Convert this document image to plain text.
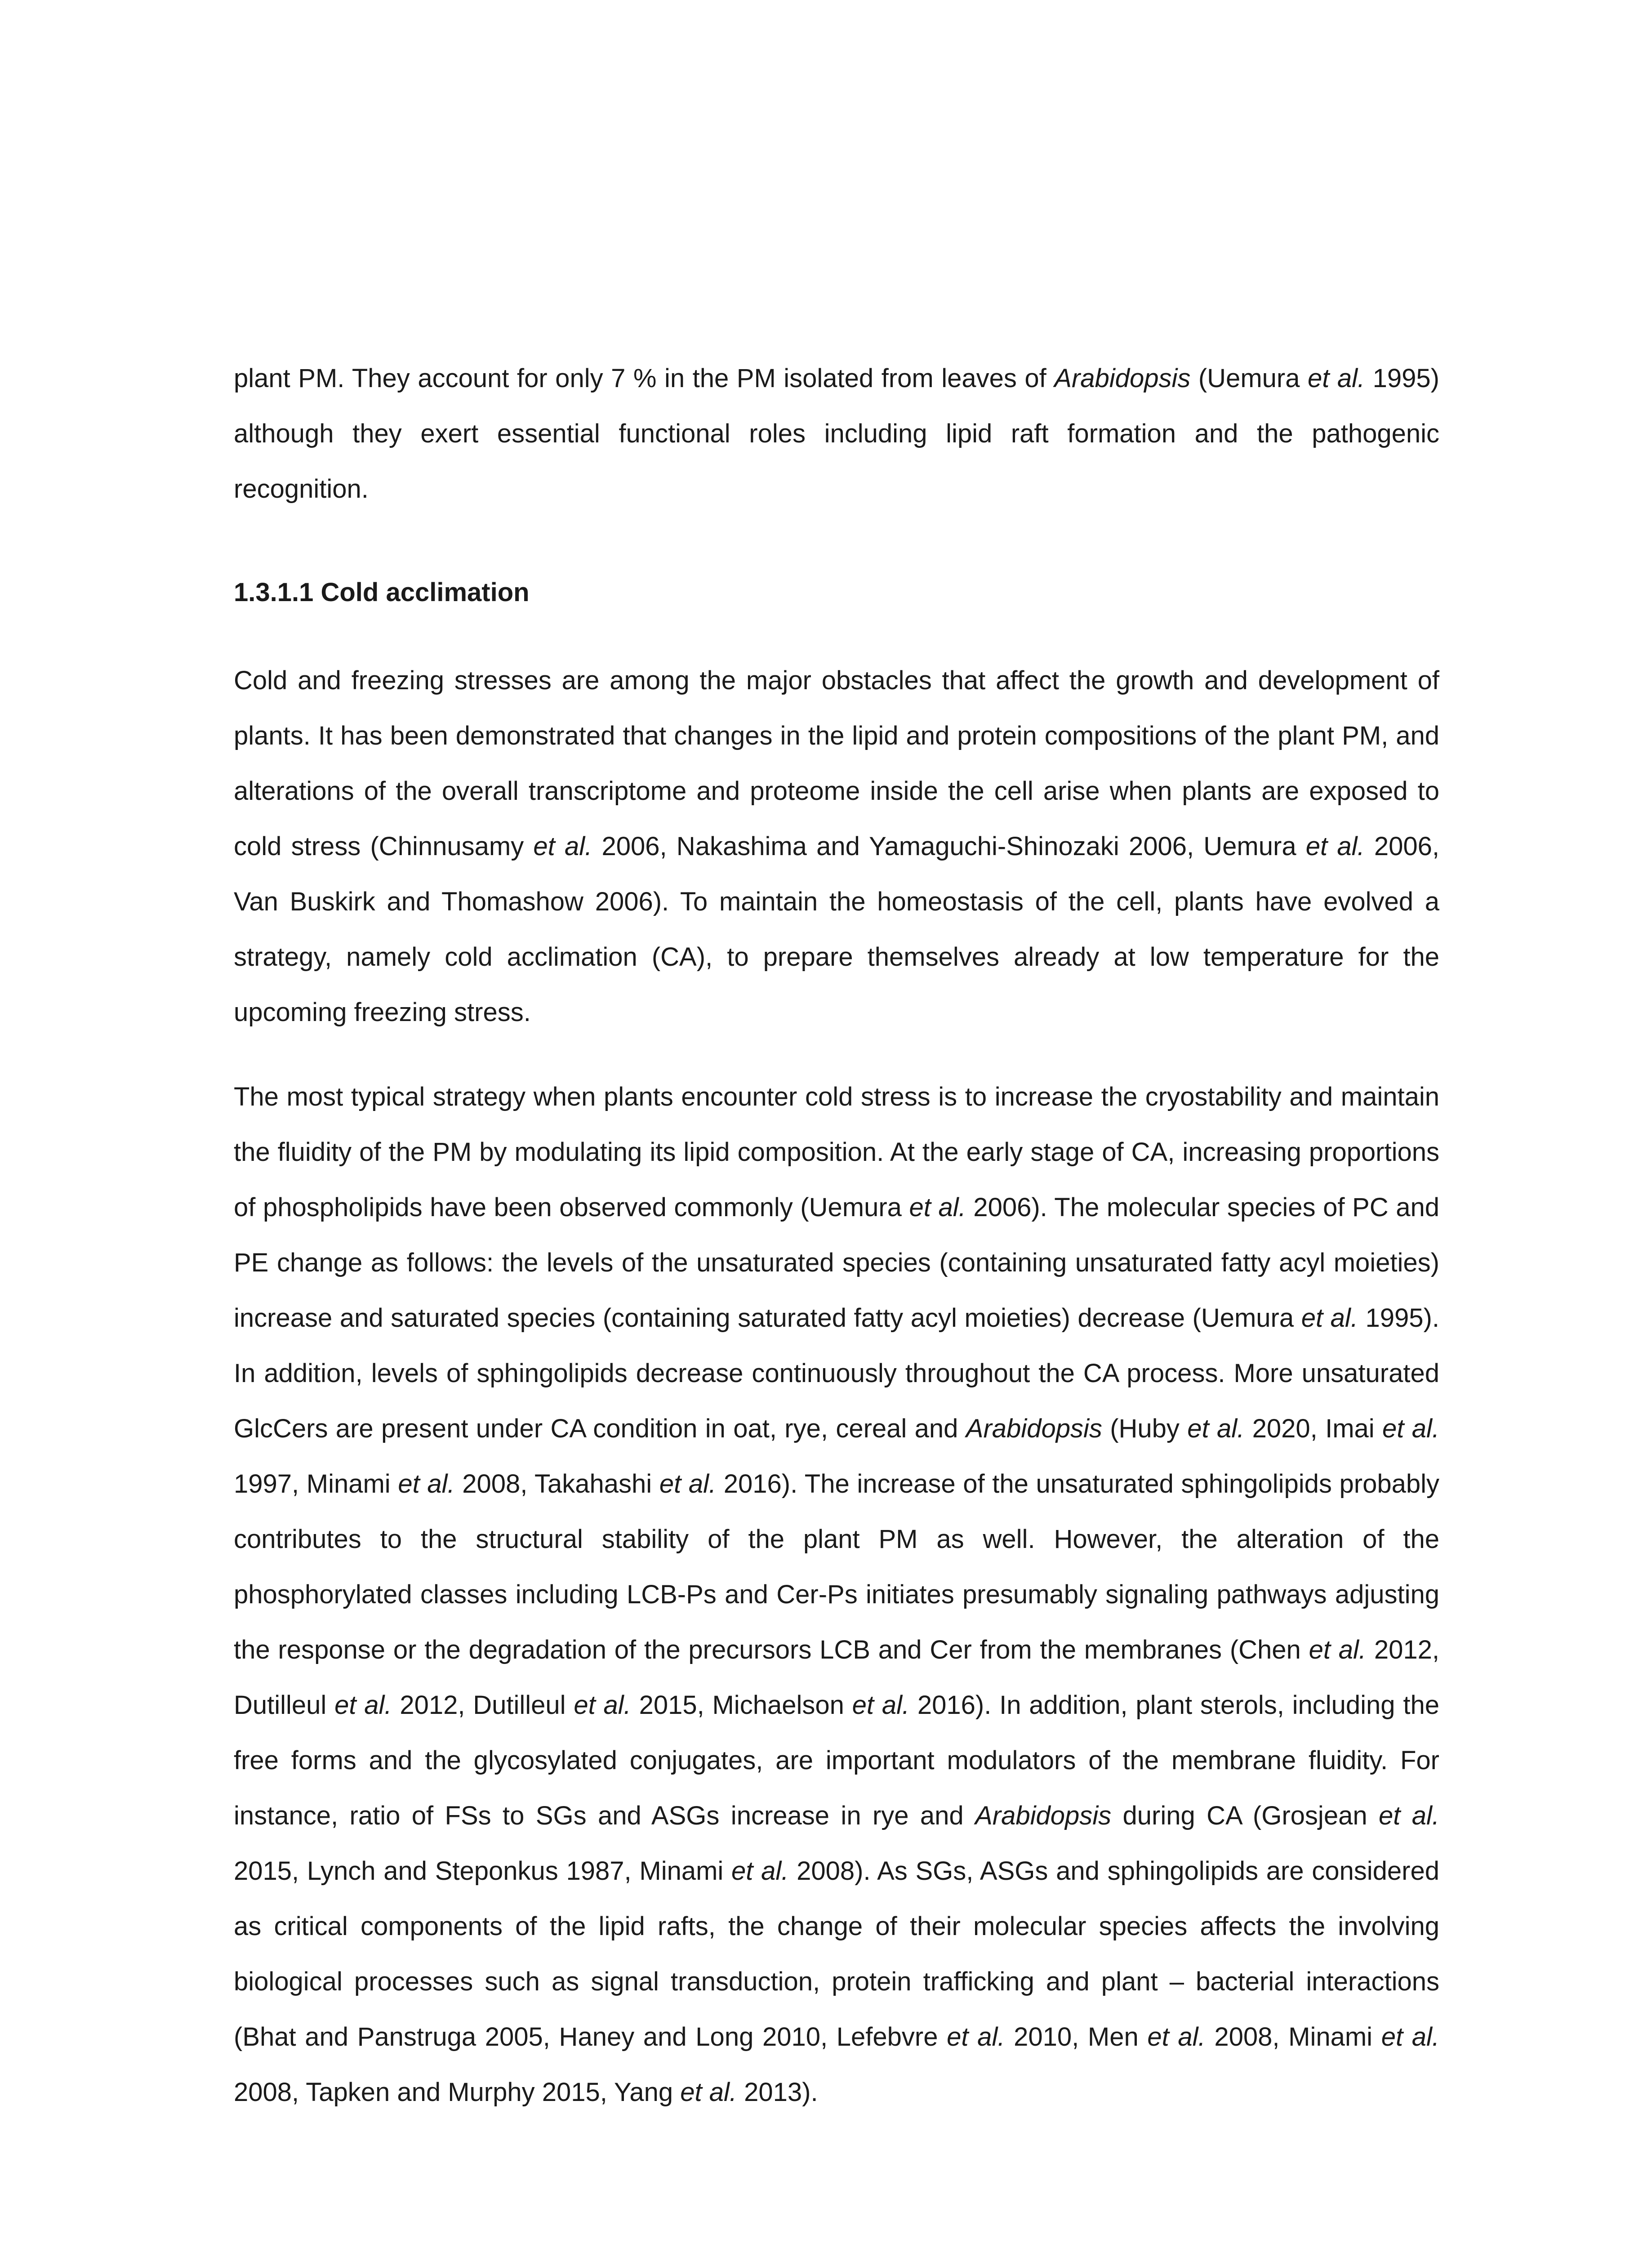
plant PM. They account for only 7 % in the PM isolated from leaves of Arabidopsis (Uemura et al. 1995) although they exert essential functional roles including lipid raft formation and the pathogenic recognition.

1.3.1.1 Cold acclimation

Cold and freezing stresses are among the major obstacles that affect the growth and development of plants. It has been demonstrated that changes in the lipid and protein compositions of the plant PM, and alterations of the overall transcriptome and proteome inside the cell arise when plants are exposed to cold stress (Chinnusamy et al. 2006, Nakashima and Yamaguchi-Shinozaki 2006, Uemura et al. 2006, Van Buskirk and Thomashow 2006). To maintain the homeostasis of the cell, plants have evolved a strategy, namely cold acclimation (CA), to prepare themselves already at low temperature for the upcoming freezing stress.

The most typical strategy when plants encounter cold stress is to increase the cryostability and maintain the fluidity of the PM by modulating its lipid composition. At the early stage of CA, increasing proportions of phospholipids have been observed commonly (Uemura et al. 2006). The molecular species of PC and PE change as follows: the levels of the unsaturated species (containing unsaturated fatty acyl moieties) increase and saturated species (containing saturated fatty acyl moieties) decrease (Uemura et al. 1995). In addition, levels of sphingolipids decrease continuously throughout the CA process. More unsaturated GlcCers are present under CA condition in oat, rye, cereal and Arabidopsis (Huby et al. 2020, Imai et al. 1997, Minami et al. 2008, Takahashi et al. 2016). The increase of the unsaturated sphingolipids probably contributes to the structural stability of the plant PM as well. However, the alteration of the phosphorylated classes including LCB-Ps and Cer-Ps initiates presumably signaling pathways adjusting the response or the degradation of the precursors LCB and Cer from the membranes (Chen et al. 2012, Dutilleul et al. 2012, Dutilleul et al. 2015, Michaelson et al. 2016). In addition, plant sterols, including the free forms and the glycosylated conjugates, are important modulators of the membrane fluidity. For instance, ratio of FSs to SGs and ASGs increase in rye and Arabidopsis during CA (Grosjean et al. 2015, Lynch and Steponkus 1987, Minami et al. 2008). As SGs, ASGs and sphingolipids are considered as critical components of the lipid rafts, the change of their molecular species affects the involving biological processes such as signal transduction, protein trafficking and plant – bacterial interactions (Bhat and Panstruga 2005, Haney and Long 2010, Lefebvre et al. 2010, Men et al. 2008, Minami et al. 2008, Tapken and Murphy 2015, Yang et al. 2013).
